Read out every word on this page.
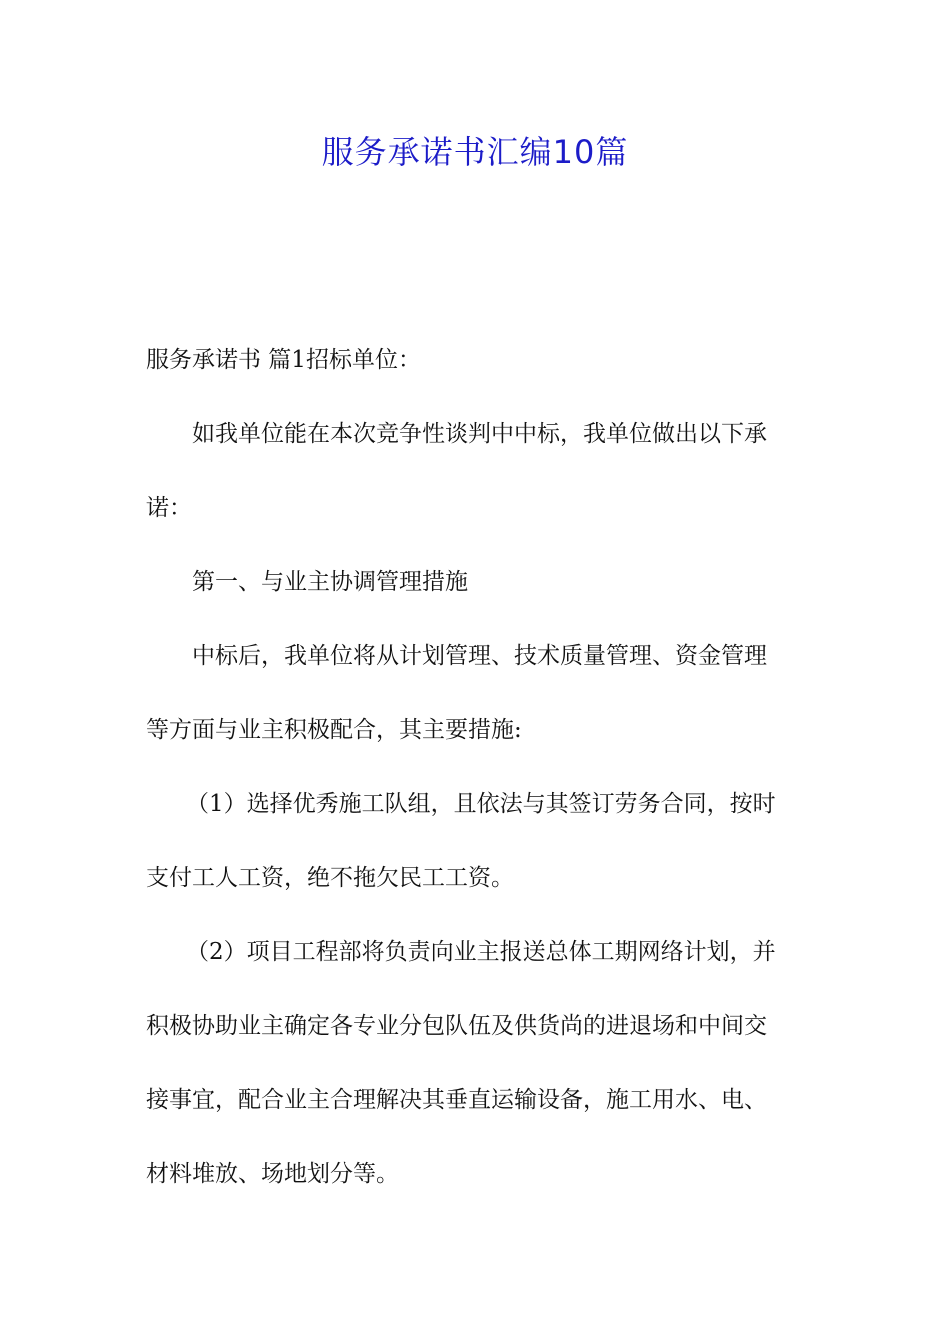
服务承诺书汇编10篇
服务承诺书 篇1招标单位：
如我单位能在本次竞争性谈判中中标，我单位做出以下承
诺：
第一、与业主协调管理措施
中标后，我单位将从计划管理、技术质量管理、资金管理
等方面与业主积极配合，其主要措施:
（1）选择优秀施工队组，且依法与其签订劳务合同，按时
支付工人工资，绝不拖欠民工工资。
（2）项目工程部将负责向业主报送总体工期网络计划，并
积极协助业主确定各专业分包队伍及供货尚的进退场和中间交
接事宜，配合业主合理解决其垂直运输设备，施工用水、电、
材料堆放、场地划分等。
